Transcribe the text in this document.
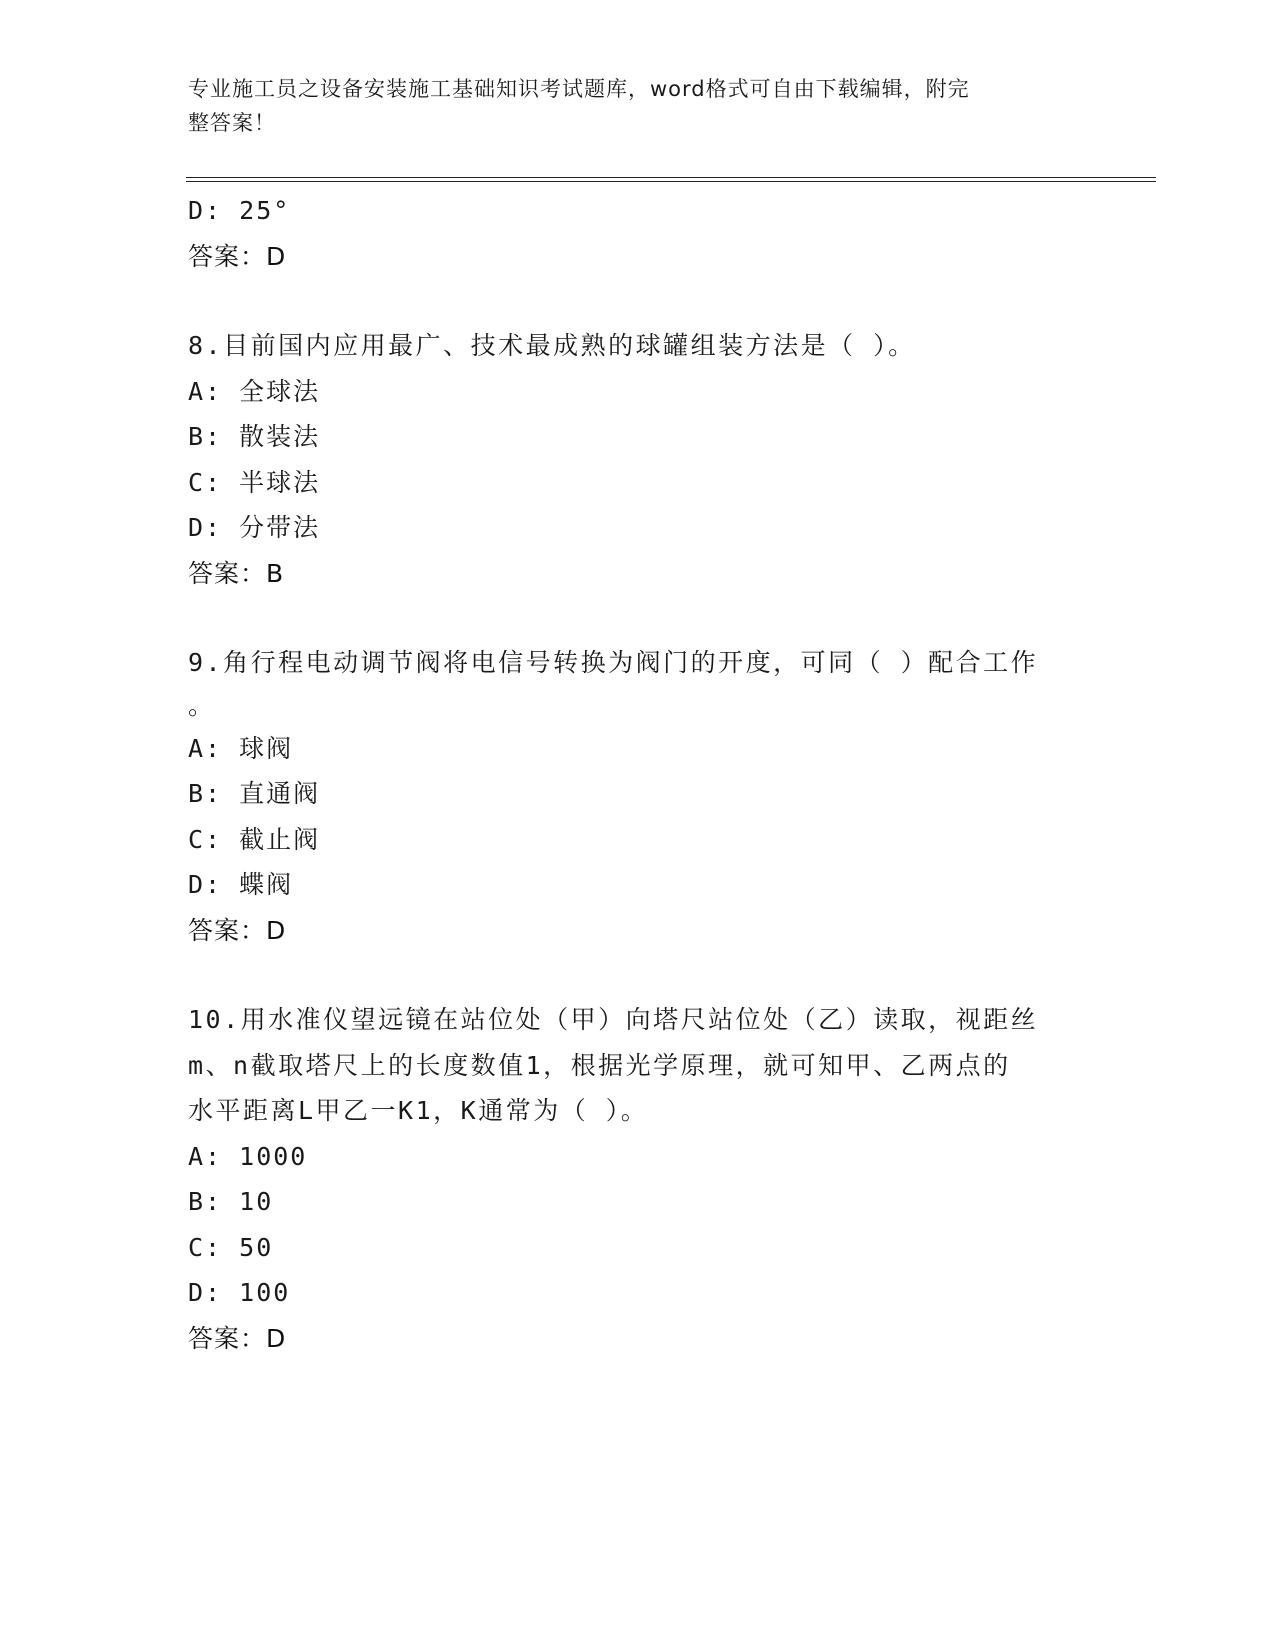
专业施工员之设备安装施工基础知识考试题库，word格式可自由下载编辑，附完
整答案！
D: 25°
答案：D
8.目前国内应用最广、技术最成熟的球罐组装方法是（ ）。
A: 全球法
B: 散装法
C: 半球法
D: 分带法
答案：B
9.角行程电动调节阀将电信号转换为阀门的开度，可同（ ）配合工作
。
A: 球阀
B: 直通阀
C: 截止阀
D: 蝶阀
答案：D
10.用水准仪望远镜在站位处（甲）向塔尺站位处（乙）读取，视距丝
m、n截取塔尺上的长度数值1，根据光学原理，就可知甲、乙两点的
水平距离L甲乙一K1，K通常为（ ）。
A: 1000
B: 10
C: 50
D: 100
答案：D
